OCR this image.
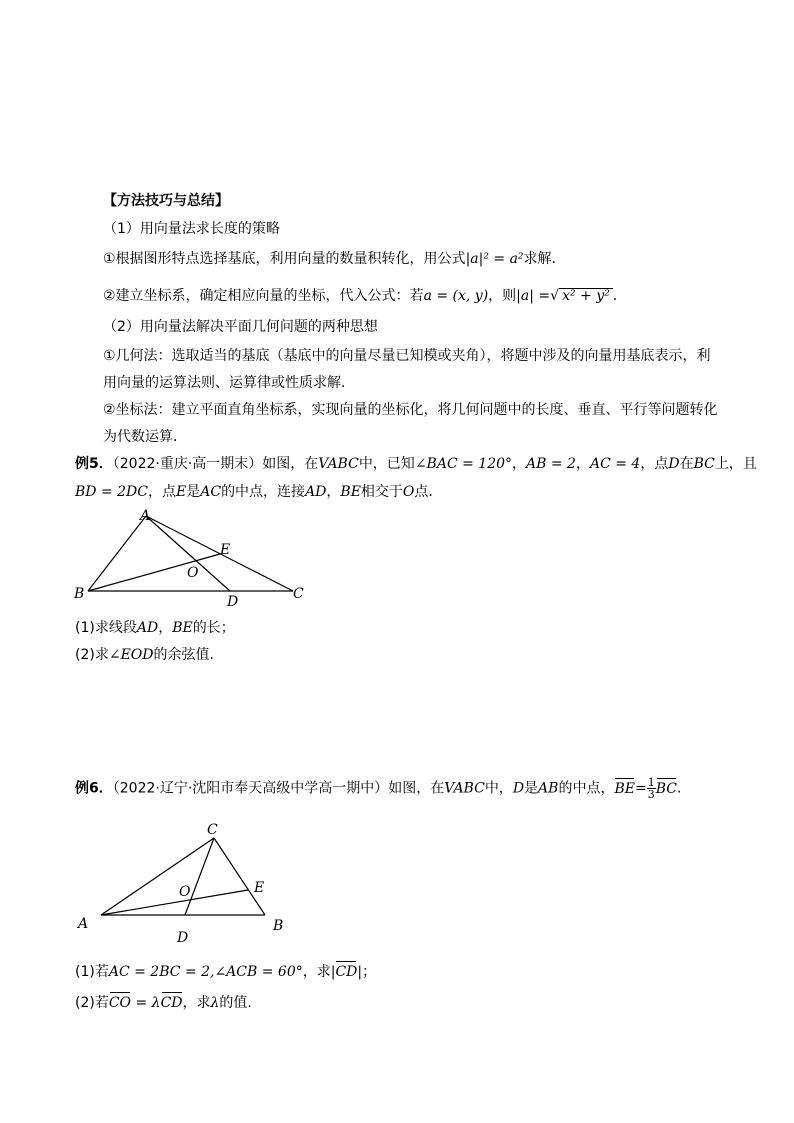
【方法技巧与总结】
（1）用向量法求长度的策略
①根据图形特点选择基底，利用向量的数量积转化，用公式|a|² = a²求解．
②建立坐标系，确定相应向量的坐标，代入公式：若a = (x, y)，则|a| =√ x² + y² ．
（2）用向量法解决平面几何问题的两种思想
①几何法：选取适当的基底（基底中的向量尽量已知模或夹角），将题中涉及的向量用基底表示，利
用向量的运算法则、运算律或性质求解．
②坐标法：建立平面直角坐标系，实现向量的坐标化，将几何问题中的长度、垂直、平行等问题转化
为代数运算．
例5．（2022·重庆·高一期末）如图，在VABC中，已知∠BAC = 120°，AB = 2，AC = 4，点D在BC上，且
BD = 2DC，点E是AC的中点，连接AD，BE相交于O点.
A
B	C
D
E
O
(1)求线段AD，BE的长；
(2)求∠EOD的余弦值.
例6．（2022·辽宁·沈阳市奉天高级中学高一期中）如图，在VABC中，D是AB的中点，$BE= \frac{1}{3}$ BC.
C
A	B
D
E
O
(1)若AC = 2BC = 2,∠ACB = 60°，求|CD|；
(2)若CO = λCD，求λ的值.
